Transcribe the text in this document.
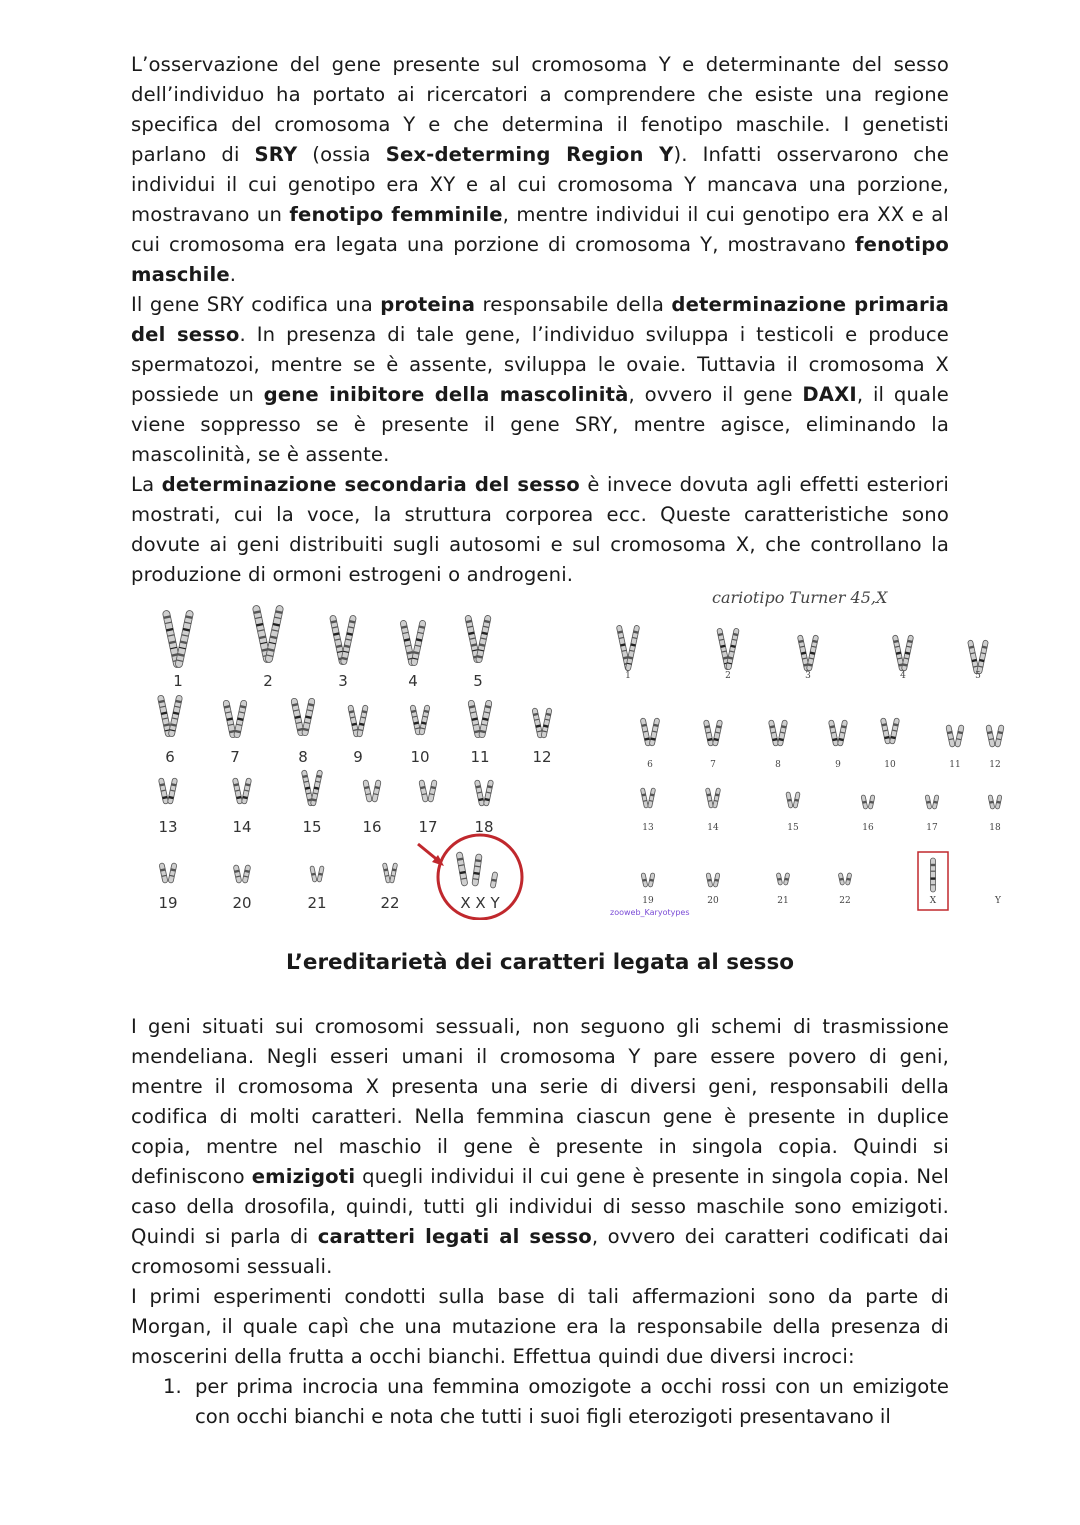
L’osservazione del gene presente sul cromosoma Y e determinante del sesso dell’individuo ha portato ai ricercatori a comprendere che esiste una regione specifica del cromosoma Y e che determina il fenotipo maschile. I genetisti parlano di SRY (ossia Sex-determing Region Y). Infatti osservarono che individui il cui genotipo era XY e al cui cromosoma Y mancava una porzione, mostravano un fenotipo femminile, mentre individui il cui genotipo era XX e al cui cromosoma era legata una porzione di cromosoma Y, mostravano fenotipo maschile.

Il gene SRY codifica una proteina responsabile della determinazione primaria del sesso. In presenza di tale gene, l’individuo sviluppa i testicoli e produce spermatozoi, mentre se è assente, sviluppa le ovaie. Tuttavia il cromosoma X possiede un gene inibitore della mascolinità, ovvero il gene DAXI, il quale viene soppresso se è presente il gene SRY, mentre agisce, eliminando la mascolinità, se è assente.

La determinazione secondaria del sesso è invece dovuta agli effetti esteriori mostrati, cui la voce, la struttura corporea ecc. Queste caratteristiche sono dovute ai geni distribuiti sugli autosomi e sul cromosoma X, che controllano la produzione di ormoni estrogeni o androgeni.

1	2	3	4	5
6	7	8	9	10	11	12
13	14	15	16 17 18
19	20	21	22	X X Y
cariotipo Turner 45,X
1	2	3	4	5
6	7	8	9	10	11	12
13	14	15	16	17	18
19	20	21	22	X	Y
zooweb_Karyotypes
L’ereditarietà dei caratteri legata al sesso

I geni situati sui cromosomi sessuali, non seguono gli schemi di trasmissione mendeliana. Negli esseri umani il cromosoma Y pare essere povero di geni, mentre il cromosoma X presenta una serie di diversi geni, responsabili della codifica di molti caratteri. Nella femmina ciascun gene è presente in duplice copia, mentre nel maschio il gene è presente in singola copia. Quindi si definiscono emizigoti quegli individui il cui gene è presente in singola copia. Nel caso della drosofila, quindi, tutti gli individui di sesso maschile sono emizigoti. Quindi si parla di caratteri legati al sesso, ovvero dei caratteri codificati dai cromosomi sessuali.

I primi esperimenti condotti sulla base di tali affermazioni sono da parte di Morgan, il quale capì che una mutazione era la responsabile della presenza di moscerini della frutta a occhi bianchi. Effettua quindi due diversi incroci:

1. per prima incrocia una femmina omozigote a occhi rossi con un emizigote con occhi bianchi e nota che tutti i suoi figli eterozigoti presentavano il
